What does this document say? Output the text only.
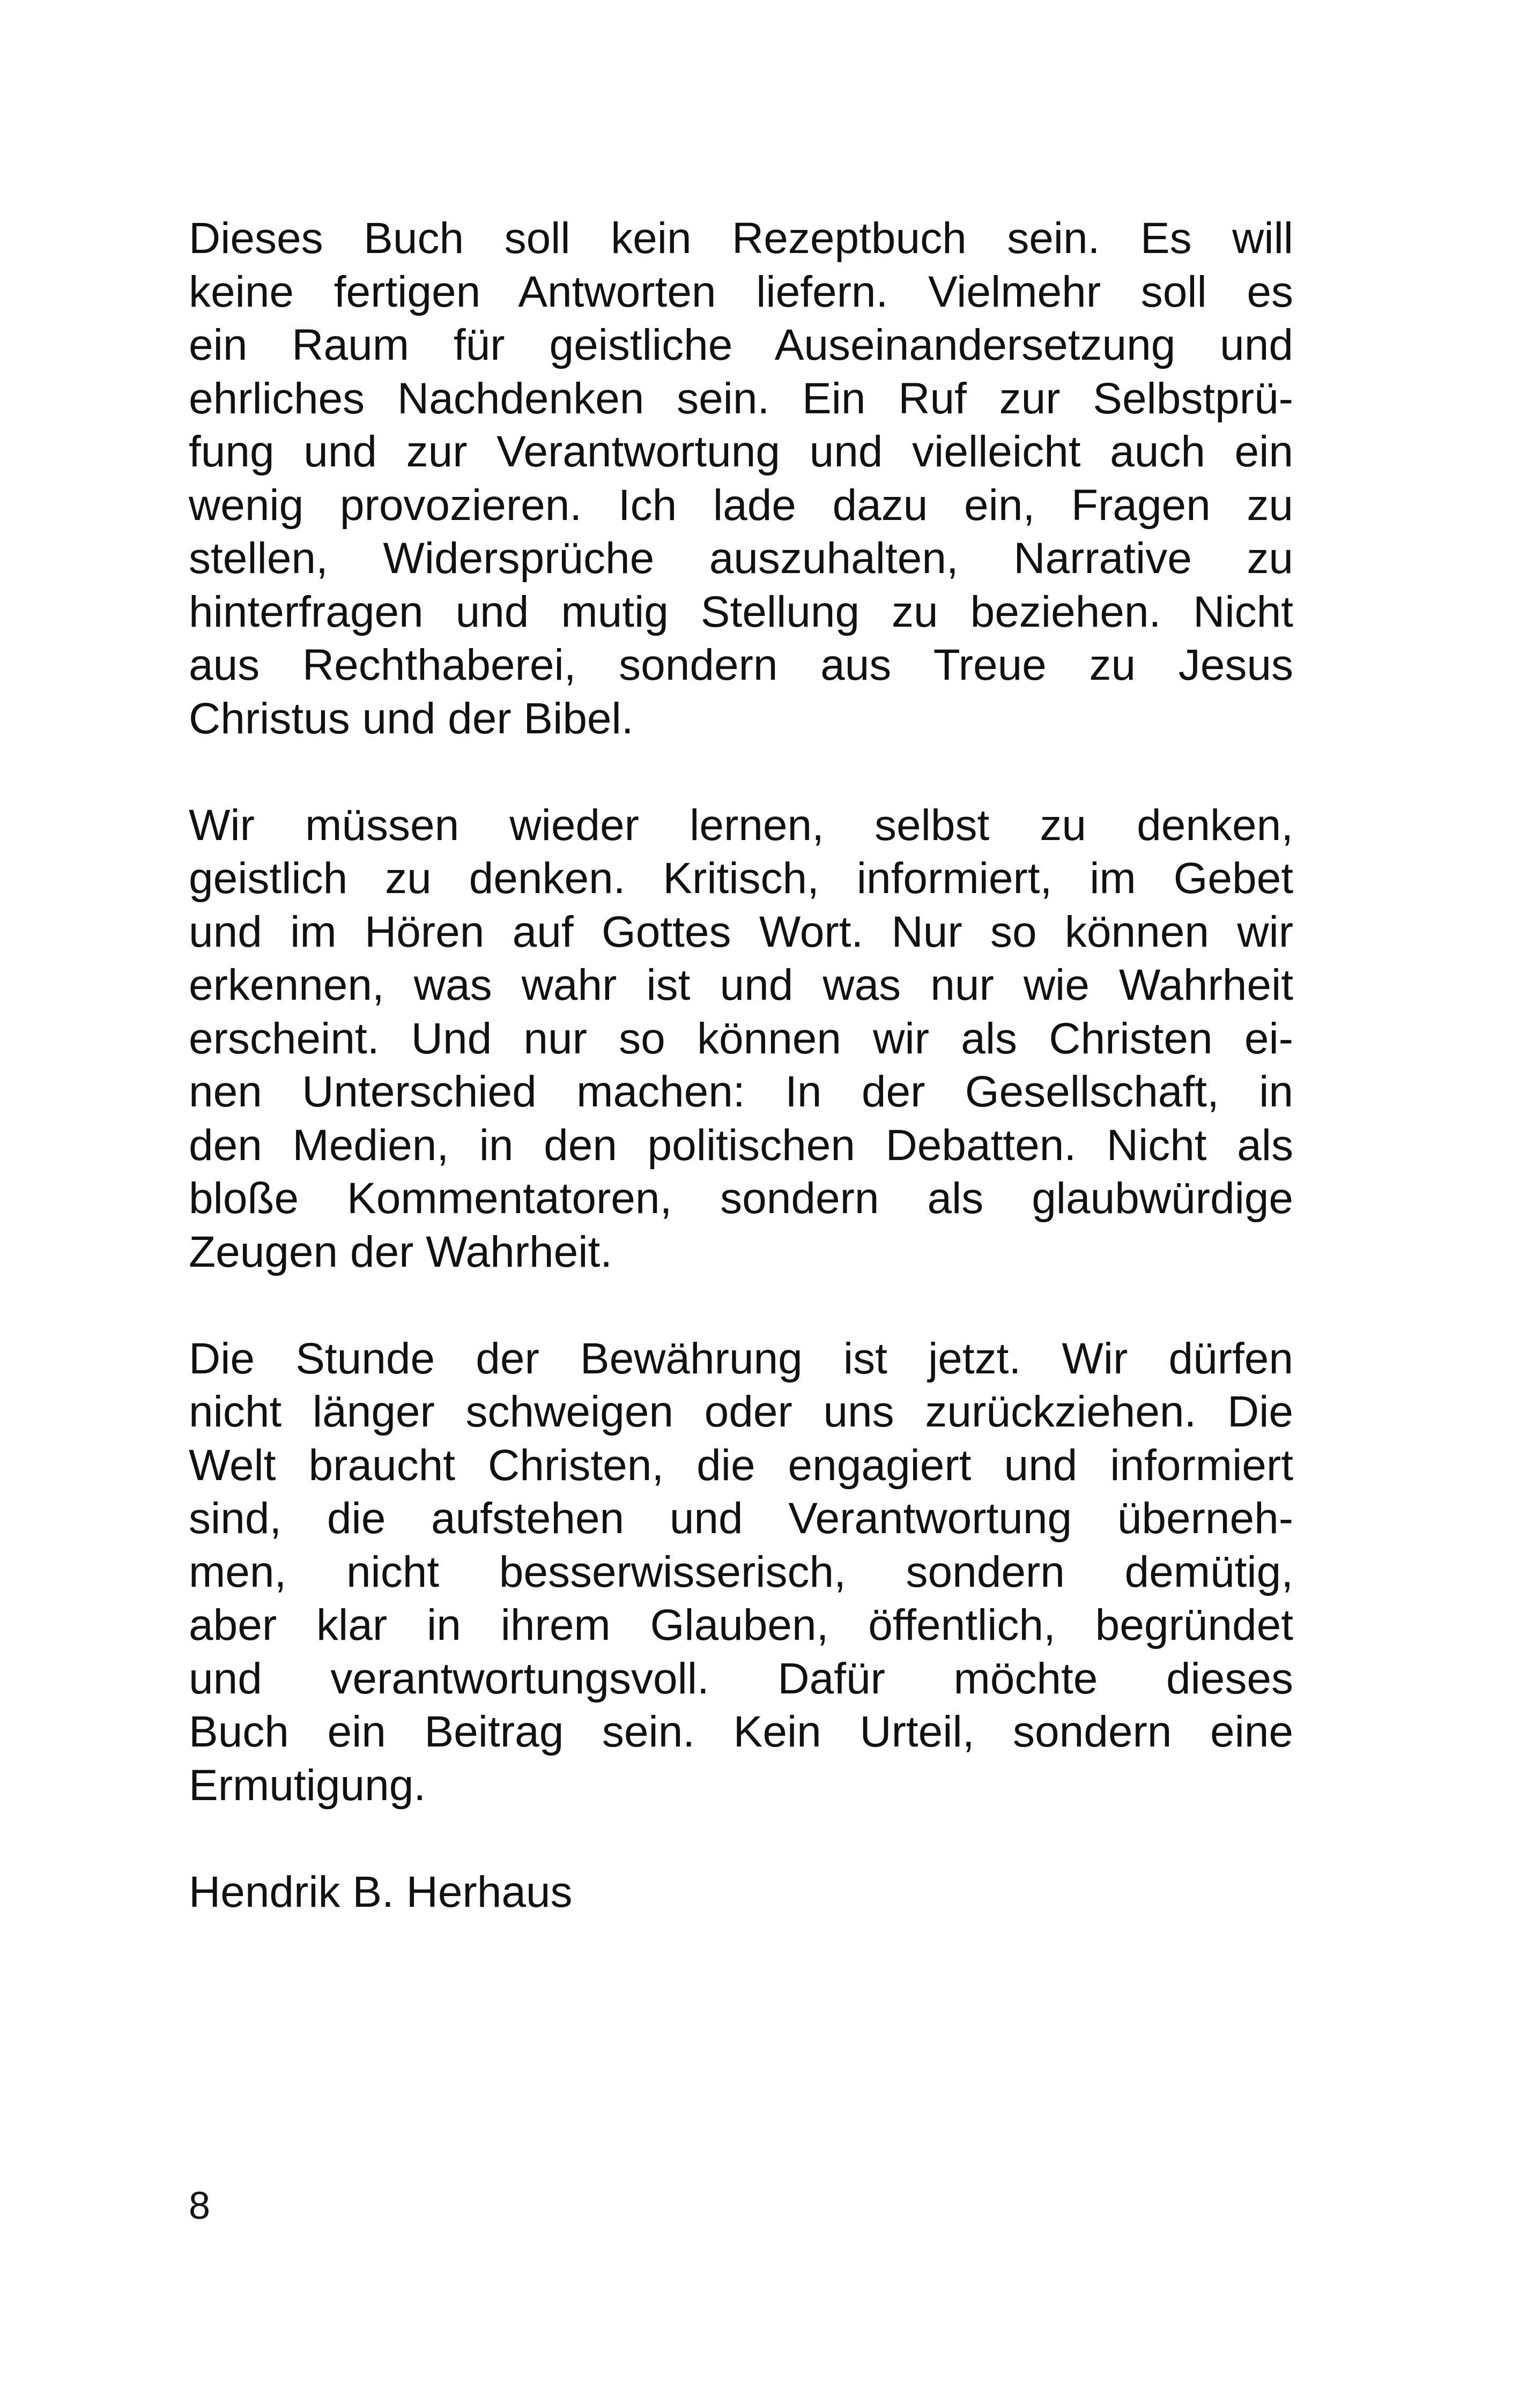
Dieses Buch soll kein Rezeptbuch sein. Es will
keine fertigen Antworten liefern. Vielmehr soll es
ein Raum für geistliche Auseinandersetzung und
ehrliches Nachdenken sein. Ein Ruf zur Selbstprü-
fung und zur Verantwortung und vielleicht auch ein
wenig provozieren. Ich lade dazu ein, Fragen zu
stellen, Widersprüche auszuhalten, Narrative zu
hinterfragen und mutig Stellung zu beziehen. Nicht
aus Rechthaberei, sondern aus Treue zu Jesus
Christus und der Bibel.
Wir müssen wieder lernen, selbst zu denken,
geistlich zu denken. Kritisch, informiert, im Gebet
und im Hören auf Gottes Wort. Nur so können wir
erkennen, was wahr ist und was nur wie Wahrheit
erscheint. Und nur so können wir als Christen ei-
nen Unterschied machen: In der Gesellschaft, in
den Medien, in den politischen Debatten. Nicht als
bloße Kommentatoren, sondern als glaubwürdige
Zeugen der Wahrheit.
Die Stunde der Bewährung ist jetzt. Wir dürfen
nicht länger schweigen oder uns zurückziehen. Die
Welt braucht Christen, die engagiert und informiert
sind, die aufstehen und Verantwortung überneh-
men, nicht besserwisserisch, sondern demütig,
aber klar in ihrem Glauben, öffentlich, begründet
und verantwortungsvoll. Dafür möchte dieses
Buch ein Beitrag sein. Kein Urteil, sondern eine
Ermutigung.
Hendrik B. Herhaus
8
